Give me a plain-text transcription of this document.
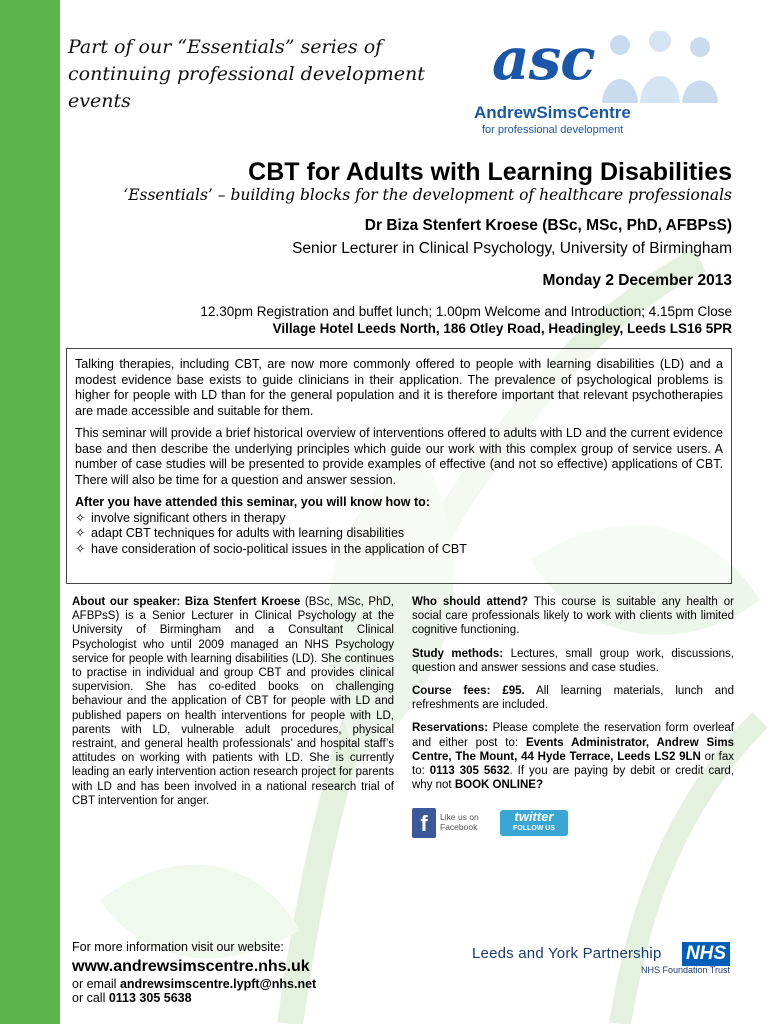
Part of our “Essentials” series of continuing professional development events
asc
AndrewSimsCentre
for professional development
CBT for Adults with Learning Disabilities
‘Essentials’ – building blocks for the development of healthcare professionals
Dr Biza Stenfert Kroese (BSc, MSc, PhD, AFBPsS)
Senior Lecturer in Clinical Psychology, University of Birmingham
Monday 2 December 2013
12.30pm Registration and buffet lunch; 1.00pm Welcome and Introduction; 4.15pm Close
Village Hotel Leeds North, 186 Otley Road, Headingley, Leeds LS16 5PR

Talking therapies, including CBT, are now more commonly offered to people with learning disabilities (LD) and a modest evidence base exists to guide clinicians in their application. The prevalence of psychological problems is higher for people with LD than for the general population and it is therefore important that relevant psychotherapies are made accessible and suitable for them.

This seminar will provide a brief historical overview of interventions offered to adults with LD and the current evidence base and then describe the underlying principles which guide our work with this complex group of service users. A number of case studies will be presented to provide examples of effective (and not so effective) applications of CBT. There will also be time for a question and answer session.

After you have attended this seminar, you will know how to:

✧ involve significant others in therapy
✧ adapt CBT techniques for adults with learning disabilities
✧ have consideration of socio-political issues in the application of CBT

About our speaker: Biza Stenfert Kroese (BSc, MSc, PhD, AFBPsS) is a Senior Lecturer in Clinical Psychology at the University of Birmingham and a Consultant Clinical Psychologist who until 2009 managed an NHS Psychology service for people with learning disabilities (LD). She continues to practise in individual and group CBT and provides clinical supervision. She has co-edited books on challenging behaviour and the application of CBT for people with LD and published papers on health interventions for people with LD, parents with LD, vulnerable adult procedures, physical restraint, and general health professionals’ and hospital staff’s attitudes on working with patients with LD. She is currently leading an early intervention action research project for parents with LD and has been involved in a national research trial of CBT intervention for anger.

Who should attend? This course is suitable any health or social care professionals likely to work with clients with limited cognitive functioning.

Study methods: Lectures, small group work, discussions, question and answer sessions and case studies.

Course fees: £95. All learning materials, lunch and refreshments are included.

Reservations: Please complete the reservation form overleaf and either post to: Events Administrator, Andrew Sims Centre, The Mount, 44 Hyde Terrace, Leeds LS2 9LN or fax to: 0113 305 5632. If you are paying by debit or credit card, why not BOOK ONLINE?

f	Like us on Facebook
twitter
FOLLOW US
For more information visit our website:
www.andrewsimscentre.nhs.uk
or email andrewsimscentre.lypft@nhs.net
or call 0113 305 5638
Leeds and York Partnership NHS
NHS Foundation Trust
